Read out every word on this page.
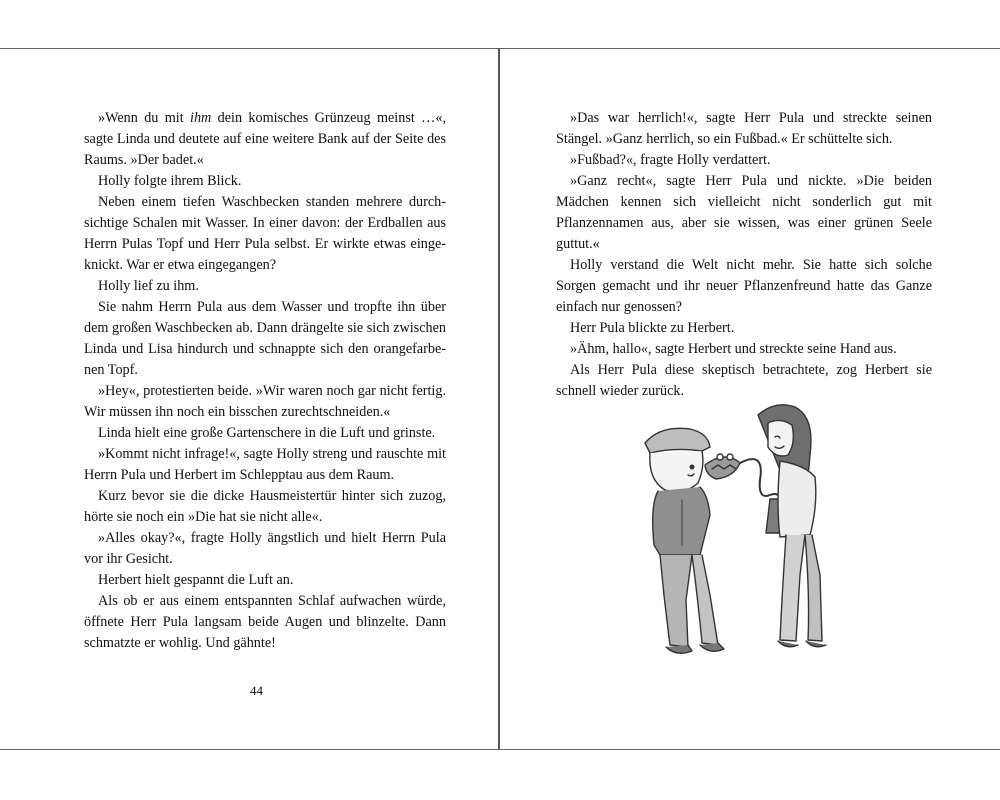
»Wenn du mit ihm dein komisches Grünzeug meinst …«, sagte Linda und deutete auf eine weitere Bank auf der Seite des Raums. »Der badet.«

Holly folgte ihrem Blick.

Neben einem tiefen Waschbecken standen mehrere durchsichtige Schalen mit Wasser. In einer davon: der Erdballen aus Herrn Pulas Topf und Herr Pula selbst. Er wirkte etwas eingeknickt. War er etwa eingegangen?

Holly lief zu ihm.

Sie nahm Herrn Pula aus dem Wasser und tropfte ihn über dem großen Waschbecken ab. Dann drängelte sie sich zwischen Linda und Lisa hindurch und schnappte sich den orangefarbenen Topf.

»Hey«, protestierten beide. »Wir waren noch gar nicht fertig. Wir müssen ihn noch ein bisschen zurechtschneiden.«

Linda hielt eine große Gartenschere in die Luft und grinste.

»Kommt nicht infrage!«, sagte Holly streng und rauschte mit Herrn Pula und Herbert im Schlepptau aus dem Raum.

Kurz bevor sie die dicke Hausmeistertür hinter sich zuzog, hörte sie noch ein »Die hat sie nicht alle«.

»Alles okay?«, fragte Holly ängstlich und hielt Herrn Pula vor ihr Gesicht.

Herbert hielt gespannt die Luft an.

Als ob er aus einem entspannten Schlaf aufwachen würde, öffnete Herr Pula langsam beide Augen und blinzelte. Dann schmatzte er wohlig. Und gähnte!

44

»Das war herrlich!«, sagte Herr Pula und streckte seinen Stängel. »Ganz herrlich, so ein Fußbad.« Er schüttelte sich.

»Fußbad?«, fragte Holly verdattert.

»Ganz recht«, sagte Herr Pula und nickte. »Die beiden Mädchen kennen sich vielleicht nicht sonderlich gut mit Pflanzennamen aus, aber sie wissen, was einer grünen Seele guttut.«

Holly verstand die Welt nicht mehr. Sie hatte sich solche Sorgen gemacht und ihr neuer Pflanzenfreund hatte das Ganze einfach nur genossen?

Herr Pula blickte zu Herbert.

»Ähm, hallo«, sagte Herbert und streckte seine Hand aus.

Als Herr Pula diese skeptisch betrachtete, zog Herbert sie schnell wieder zurück.
